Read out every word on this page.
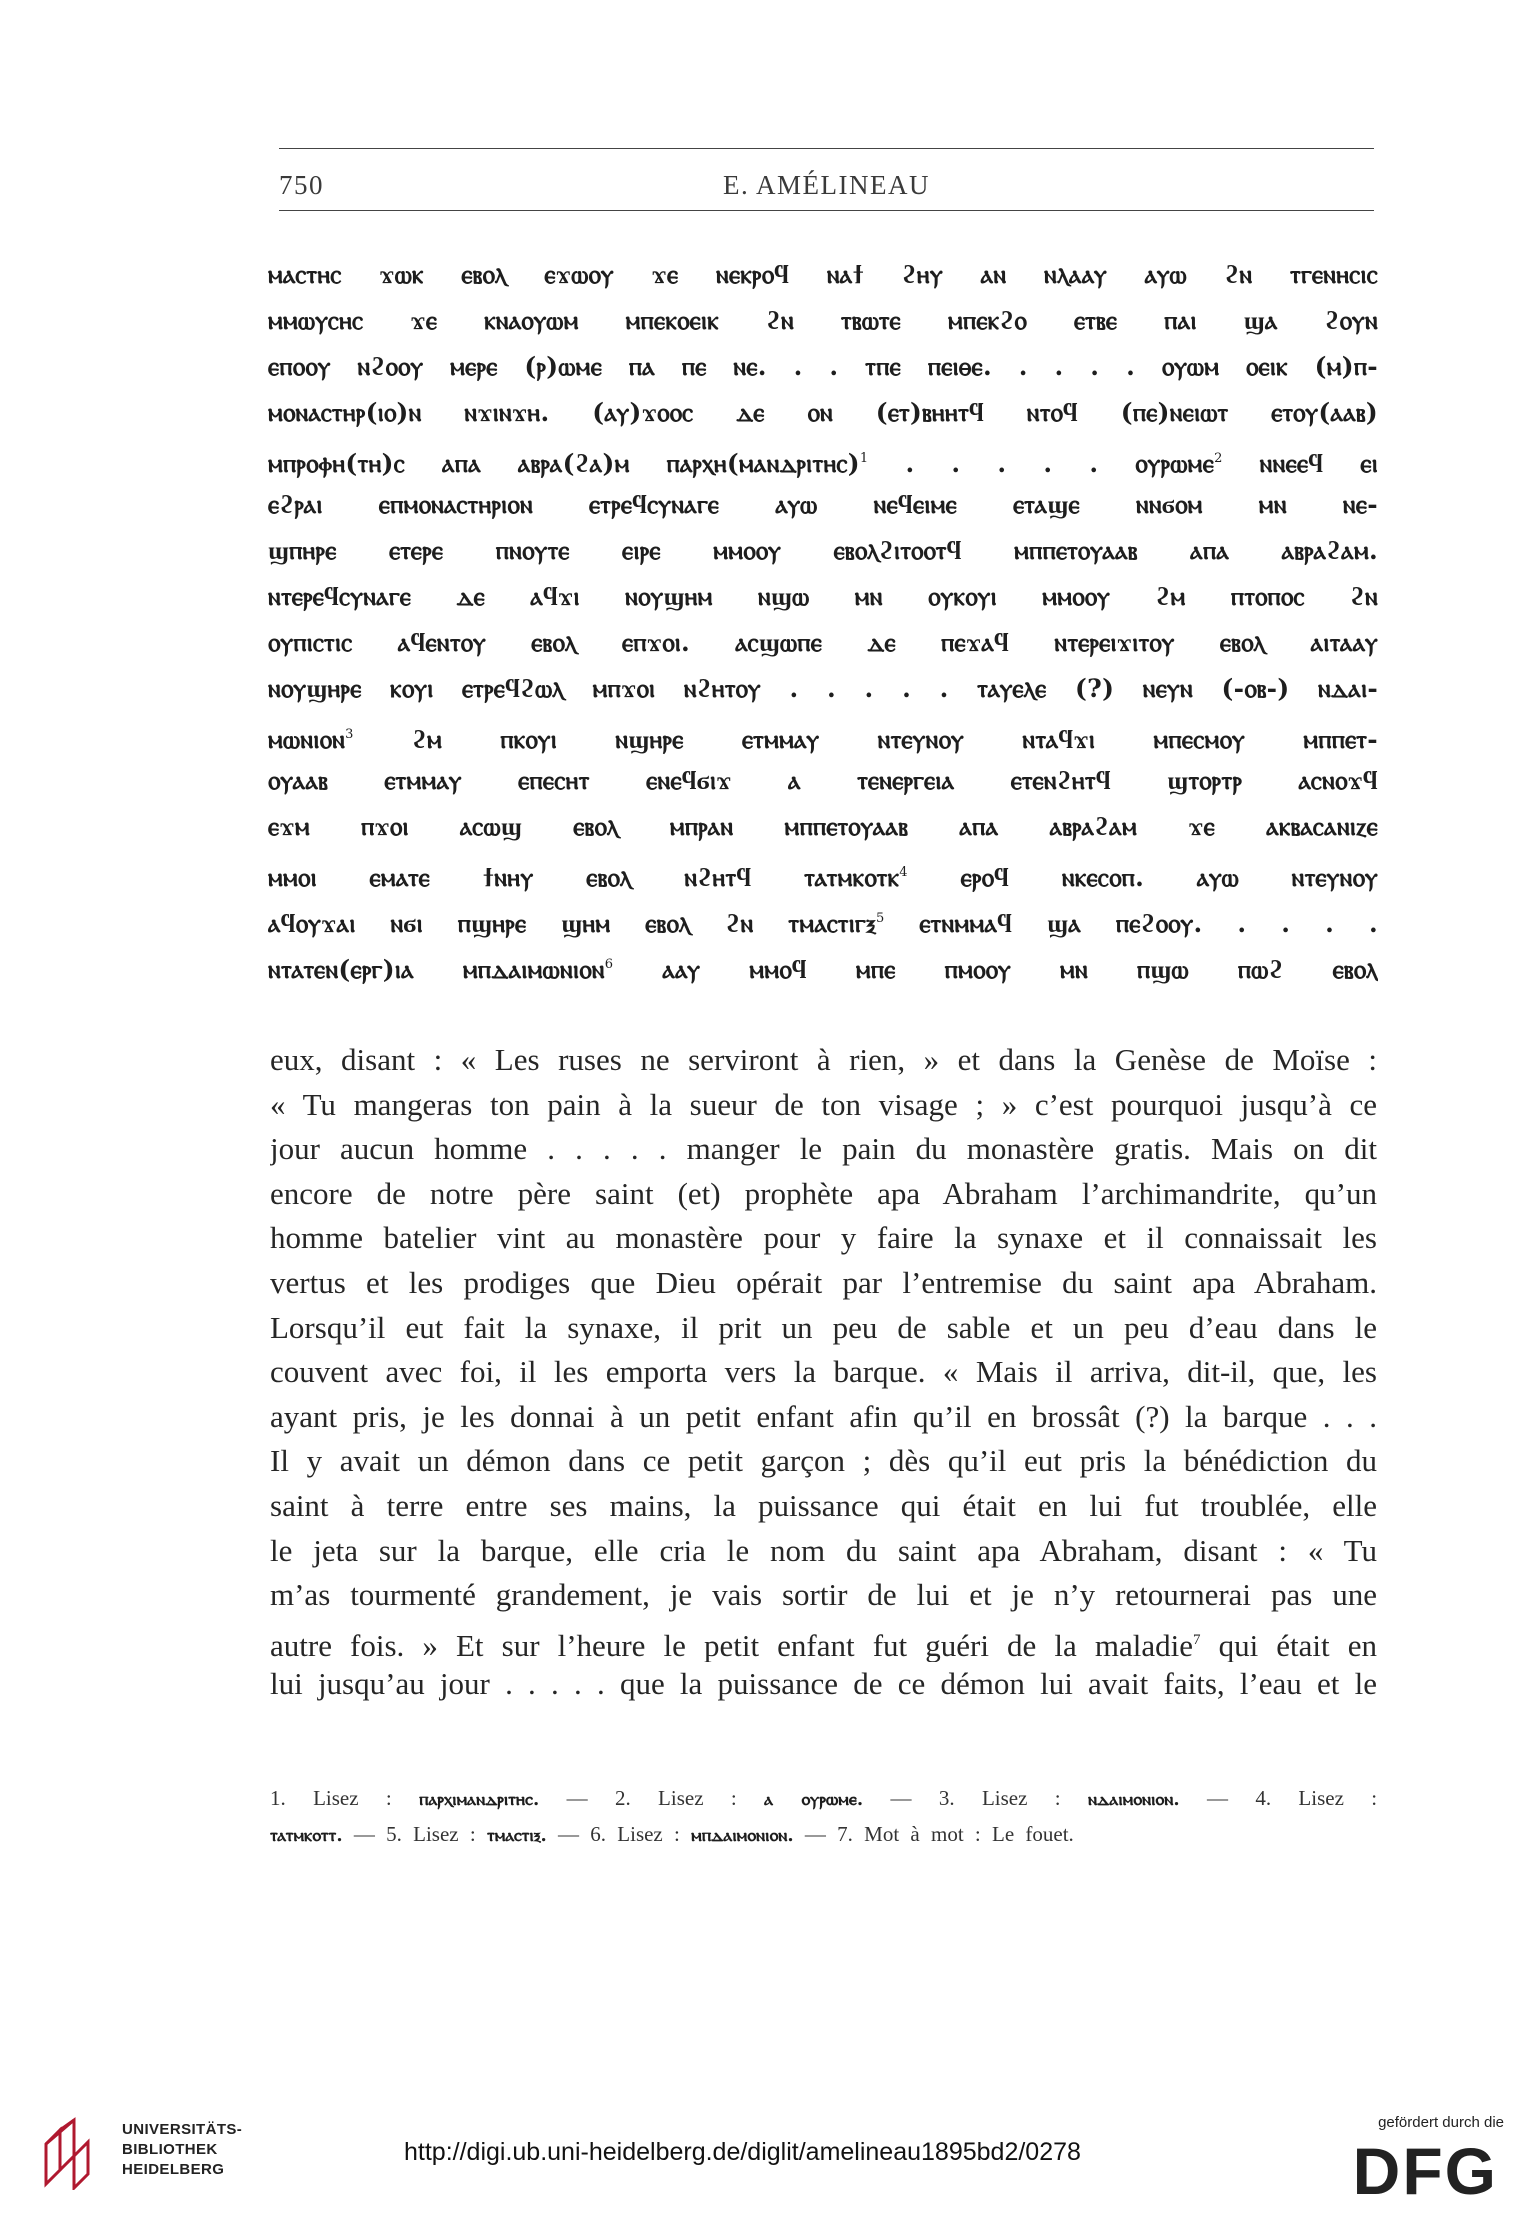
750	E. AMÉLINEAU
ⲙⲁⲥⲧⲏⲥ ϫⲱⲕ ⲉⲃⲟⲗ ⲉϫⲱⲟⲩ ϫⲉ ⲛⲉⲕⲣⲟϥ ⲛⲁϯ ϩⲏⲩ ⲁⲛ ⲛⲗⲁⲁⲩ ⲁⲩⲱ ϩⲛ ⲧⲅⲉⲛⲏⲥⲓⲥ
ⲙⲙⲱⲩⲥⲏⲥ ϫⲉ ⲕⲛⲁⲟⲩⲱⲙ ⲙⲡⲉⲕⲟⲉⲓⲕ ϩⲛ ⲧⲃⲱⲧⲉ ⲙⲡⲉⲕϩⲟ ⲉⲧⲃⲉ ⲡⲁⲓ ϣⲁ ϩⲟⲩⲛ
ⲉⲡⲟⲟⲩ ⲛϩⲟⲟⲩ ⲙⲉⲣⲉ (ⲣ)ⲱⲙⲉ ⲡⲁ ⲡⲉ ⲛⲉ. . . ⲧⲡⲉ ⲡⲉⲓⲑⲉ. . . . . ⲟⲩⲱⲙ ⲟⲉⲓⲕ (ⲙ)ⲡ-
ⲙⲟⲛⲁⲥⲧⲏⲣ(ⲓⲟ)ⲛ ⲛϫⲓⲛϫⲏ. (ⲁⲩ)ϫⲟⲟⲥ ⲇⲉ ⲟⲛ (ⲉⲧ)ⲃⲏⲏⲧϥ ⲛⲧⲟϥ (ⲡⲉ)ⲛⲉⲓⲱⲧ ⲉⲧⲟⲩ(ⲁⲁⲃ)
ⲙⲡⲣⲟⲫⲏ(ⲧⲏ)ⲥ ⲁⲡⲁ ⲁⲃⲣⲁ(ϩⲁ)ⲙ ⲡⲁⲣⲭⲏ(ⲙⲁⲛⲇⲣⲓⲧⲏⲥ)$^1$ . . . . . ⲟⲩⲣⲱⲙⲉ$^2$ ⲛⲛⲉⲉϥ ⲉⲓ
ⲉϩⲣⲁⲓ ⲉⲡⲙⲟⲛⲁⲥⲧⲏⲣⲓⲟⲛ ⲉⲧⲣⲉϥⲥⲩⲛⲁⲅⲉ ⲁⲩⲱ ⲛⲉϥⲉⲓⲙⲉ ⲉⲧⲁϣⲉ ⲛⲛϭⲟⲙ ⲙⲛ ⲛⲉ-
ϣⲡⲏⲣⲉ ⲉⲧⲉⲣⲉ ⲡⲛⲟⲩⲧⲉ ⲉⲓⲣⲉ ⲙⲙⲟⲟⲩ ⲉⲃⲟⲗϩⲓⲧⲟⲟⲧϥ ⲙⲡⲡⲉⲧⲟⲩⲁⲁⲃ ⲁⲡⲁ ⲁⲃⲣⲁϩⲁⲙ.
ⲛⲧⲉⲣⲉϥⲥⲩⲛⲁⲅⲉ ⲇⲉ ⲁϥϫⲓ ⲛⲟⲩϣⲏⲙ ⲛϣⲱ ⲙⲛ ⲟⲩⲕⲟⲩⲓ ⲙⲙⲟⲟⲩ ϩⲙ ⲡⲧⲟⲡⲟⲥ ϩⲛ
ⲟⲩⲡⲓⲥⲧⲓⲥ ⲁϥⲉⲛⲧⲟⲩ ⲉⲃⲟⲗ ⲉⲡϫⲟⲓ. ⲁⲥϣⲱⲡⲉ ⲇⲉ ⲡⲉϫⲁϥ ⲛⲧⲉⲣⲉⲓϫⲓⲧⲟⲩ ⲉⲃⲟⲗ ⲁⲓⲧⲁⲁⲩ
ⲛⲟⲩϣⲏⲣⲉ ⲕⲟⲩⲓ ⲉⲧⲣⲉϥϩⲱⲗ ⲙⲡϫⲟⲓ ⲛϩⲏⲧⲟⲩ . . . . . ⲧⲁⲩⲉⲗⲉ (?) ⲛⲉⲩⲛ (-ⲟⲃ-) ⲛⲇⲁⲓ-
ⲙⲱⲛⲓⲟⲛ$^3$ ϩⲙ ⲡⲕⲟⲩⲓ ⲛϣⲏⲣⲉ ⲉⲧⲙⲙⲁⲩ ⲛⲧⲉⲩⲛⲟⲩ ⲛⲧⲁϥϫⲓ ⲙⲡⲉⲥⲙⲟⲩ ⲙⲡⲡⲉⲧ-
ⲟⲩⲁⲁⲃ ⲉⲧⲙⲙⲁⲩ ⲉⲡⲉⲥⲏⲧ ⲉⲛⲉϥϭⲓϫ ⲁ ⲧⲉⲛⲉⲣⲅⲉⲓⲁ ⲉⲧⲉⲛϩⲏⲧϥ ϣⲧⲟⲣⲧⲣ ⲁⲥⲛⲟϫϥ
ⲉϫⲙ ⲡϫⲟⲓ ⲁⲥⲱϣ ⲉⲃⲟⲗ ⲙⲡⲣⲁⲛ ⲙⲡⲡⲉⲧⲟⲩⲁⲁⲃ ⲁⲡⲁ ⲁⲃⲣⲁϩⲁⲙ ϫⲉ ⲁⲕⲃⲁⲥⲁⲛⲓⲍⲉ
ⲙⲙⲟⲓ ⲉⲙⲁⲧⲉ ϯⲛⲏⲩ ⲉⲃⲟⲗ ⲛϩⲏⲧϥ ⲧⲁⲧⲙⲕⲟⲧⲕ$^4$ ⲉⲣⲟϥ ⲛⲕⲉⲥⲟⲡ. ⲁⲩⲱ ⲛⲧⲉⲩⲛⲟⲩ
ⲁϥⲟⲩϫⲁⲓ ⲛϭⲓ ⲡϣⲏⲣⲉ ϣⲏⲙ ⲉⲃⲟⲗ ϩⲛ ⲧⲙⲁⲥⲧⲓⲅⲝ$^5$ ⲉⲧⲛⲙⲙⲁϥ ϣⲁ ⲡⲉϩⲟⲟⲩ. . . . .
ⲛⲧⲁⲧⲉⲛ(ⲉⲣⲅ)ⲓⲁ ⲙⲡⲇⲁⲓⲙⲱⲛⲓⲟⲛ$^6$ ⲁⲁⲩ ⲙⲙⲟϥ ⲙⲡⲉ ⲡⲙⲟⲟⲩ ⲙⲛ ⲡϣⲱ ⲡⲱϩ ⲉⲃⲟⲗ
eux, disant : « Les ruses ne serviront à rien, » et dans la Genèse de Moïse :
« Tu mangeras ton pain à la sueur de ton visage ; » c’est pourquoi jusqu’à ce
jour aucun homme . . . . . manger le pain du monastère gratis. Mais on dit
encore de notre père saint (et) prophète apa Abraham l’archimandrite, qu’un
homme batelier vint au monastère pour y faire la synaxe et il connaissait les
vertus et les prodiges que Dieu opérait par l’entremise du saint apa Abraham.
Lorsqu’il eut fait la synaxe, il prit un peu de sable et un peu d’eau dans le
couvent avec foi, il les emporta vers la barque. « Mais il arriva, dit-il, que, les
ayant pris, je les donnai à un petit enfant afin qu’il en brossât (?) la barque . . .
Il y avait un démon dans ce petit garçon ; dès qu’il eut pris la bénédiction du
saint à terre entre ses mains, la puissance qui était en lui fut troublée, elle
le jeta sur la barque, elle cria le nom du saint apa Abraham, disant : « Tu
m’as tourmenté grandement, je vais sortir de lui et je n’y retournerai pas une
autre fois. » Et sur l’heure le petit enfant fut guéri de la maladie$^7$ qui était en
lui jusqu’au jour . . . . . que la puissance de ce démon lui avait faits, l’eau et le
1. Lisez : ⲡⲁⲣⲭⲓⲙⲁⲛⲇⲣⲓⲧⲏⲥ. — 2. Lisez : ⲁ ⲟⲩⲣⲱⲙⲉ. — 3. Lisez : ⲛⲇⲁⲓⲙⲟⲛⲓⲟⲛ. — 4. Lisez :
ⲧⲁⲧⲙⲕⲟⲧⲧ. — 5. Lisez : ⲧⲙⲁⲥⲧⲓⲝ. — 6. Lisez : ⲙⲡⲇⲁⲓⲙⲟⲛⲓⲟⲛ. — 7. Mot à mot : Le fouet.
UNIVERSITÄTS-
BIBLIOTHEK
HEIDELBERG
http://digi.ub.uni-heidelberg.de/diglit/amelineau1895bd2/0278
gefördert durch die
DFG
